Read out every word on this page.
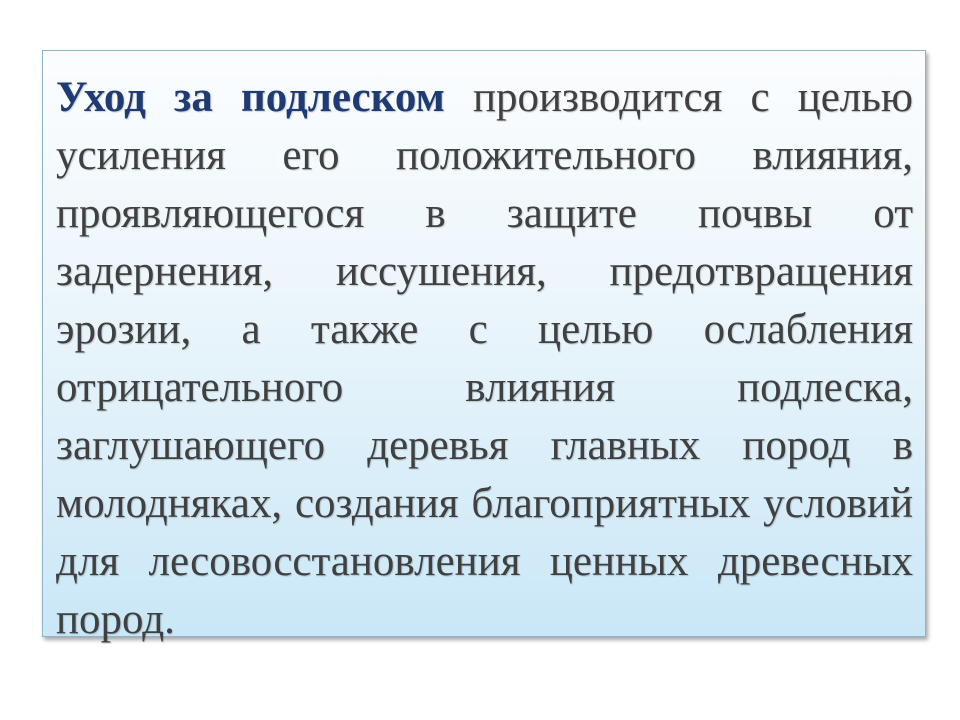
Уход за подлеском производится с целью усиления его положительного влияния, проявляющегося в защите почвы от задернения, иссушения, предотвращения эрозии, а также с целью ослабления отрицательного влияния подлеска, заглушающего деревья главных пород в молодняках, создания благоприятных условий для лесовосстановления ценных древесных пород.
